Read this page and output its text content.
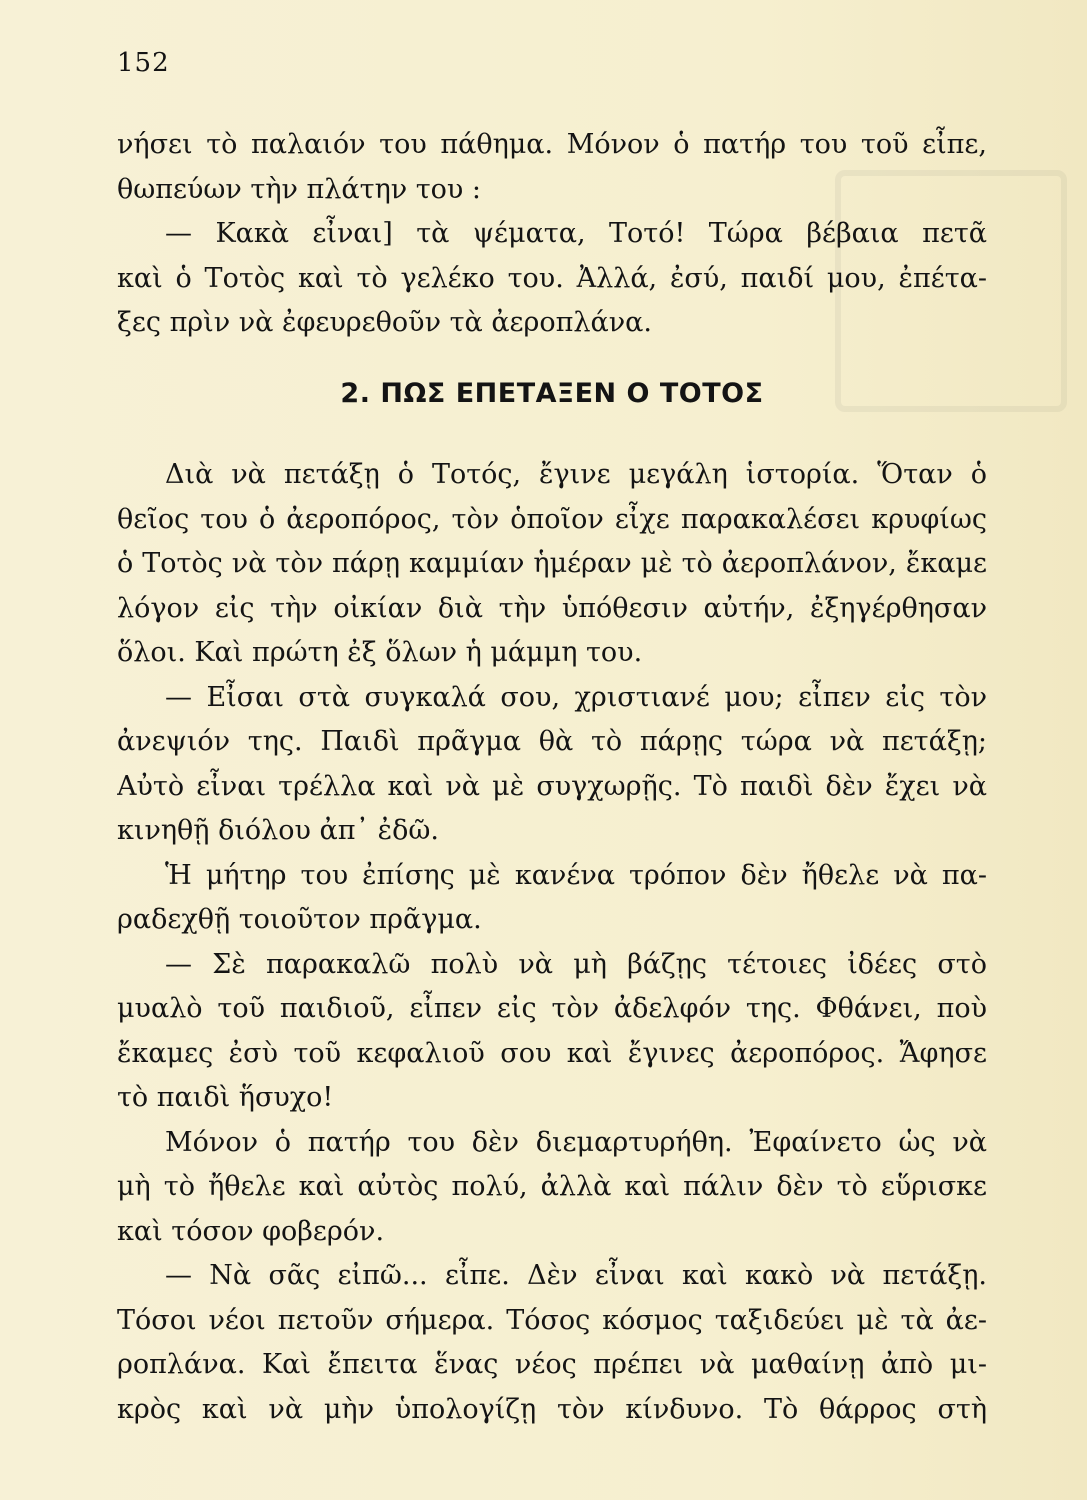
152
νήσει τὸ παλαιόν του πάθημα. Μόνον ὁ πατήρ του τοῦ εἶπε,
θωπεύων τὴν πλάτην του :
— Κακὰ εἶναι] τὰ ψέματα, Τοτό! Τώρα βέβαια πετᾶ
καὶ ὁ Τοτὸς καὶ τὸ γελέκο του. Ἀλλά, ἐσύ, παιδί μου, ἐπέτα-
ξες πρὶν νὰ ἐφευρεθοῦν τὰ ἀεροπλάνα.
2. ΠΩΣ ΕΠΕΤΑΞΕΝ Ο ΤΟΤΟΣ
Διὰ νὰ πετάξῃ ὁ Τοτός, ἔγινε μεγάλη ἱστορία. Ὅταν ὁ
θεῖος του ὁ ἀεροπόρος, τὸν ὁποῖον εἶχε παρακαλέσει κρυφίως
ὁ Τοτὸς νὰ τὸν πάρῃ καμμίαν ἡμέραν μὲ τὸ ἀεροπλάνον, ἔκαμε
λόγον εἰς τὴν οἰκίαν διὰ τὴν ὑπόθεσιν αὐτήν, ἐξηγέρθησαν
ὅλοι. Καὶ πρώτη ἐξ ὅλων ἡ μάμμη του.
— Εἶσαι στὰ συγκαλά σου, χριστιανέ μου; εἶπεν εἰς τὸν
ἀνεψιόν της. Παιδὶ πρᾶγμα θὰ τὸ πάρῃς τώρα νὰ πετάξῃ;
Αὐτὸ εἶναι τρέλλα καὶ νὰ μὲ συγχωρῇς. Τὸ παιδὶ δὲν ἔχει νὰ
κινηθῇ διόλου ἀπ᾽ ἐδῶ.
Ἡ μήτηρ του ἐπίσης μὲ κανένα τρόπον δὲν ἤθελε νὰ πα-
ραδεχθῇ τοιοῦτον πρᾶγμα.
— Σὲ παρακαλῶ πολὺ νὰ μὴ βάζῃς τέτοιες ἰδέες στὸ
μυαλὸ τοῦ παιδιοῦ, εἶπεν εἰς τὸν ἀδελφόν της. Φθάνει, ποὺ
ἔκαμες ἐσὺ τοῦ κεφαλιοῦ σου καὶ ἔγινες ἀεροπόρος. Ἄφησε
τὸ παιδὶ ἥσυχο!
Μόνον ὁ πατήρ του δὲν διεμαρτυρήθη. Ἐφαίνετο ὡς νὰ
μὴ τὸ ἤθελε καὶ αὐτὸς πολύ, ἀλλὰ καὶ πάλιν δὲν τὸ εὕρισκε
καὶ τόσον φοβερόν.
— Νὰ σᾶς εἰπῶ... εἶπε. Δὲν εἶναι καὶ κακὸ νὰ πετάξῃ.
Τόσοι νέοι πετοῦν σήμερα. Τόσος κόσμος ταξιδεύει μὲ τὰ ἀε-
ροπλάνα. Καὶ ἔπειτα ἕνας νέος πρέπει νὰ μαθαίνῃ ἀπὸ μι-
κρὸς καὶ νὰ μὴν ὑπολογίζῃ τὸν κίνδυνο. Τὸ θάρρος στὴ
